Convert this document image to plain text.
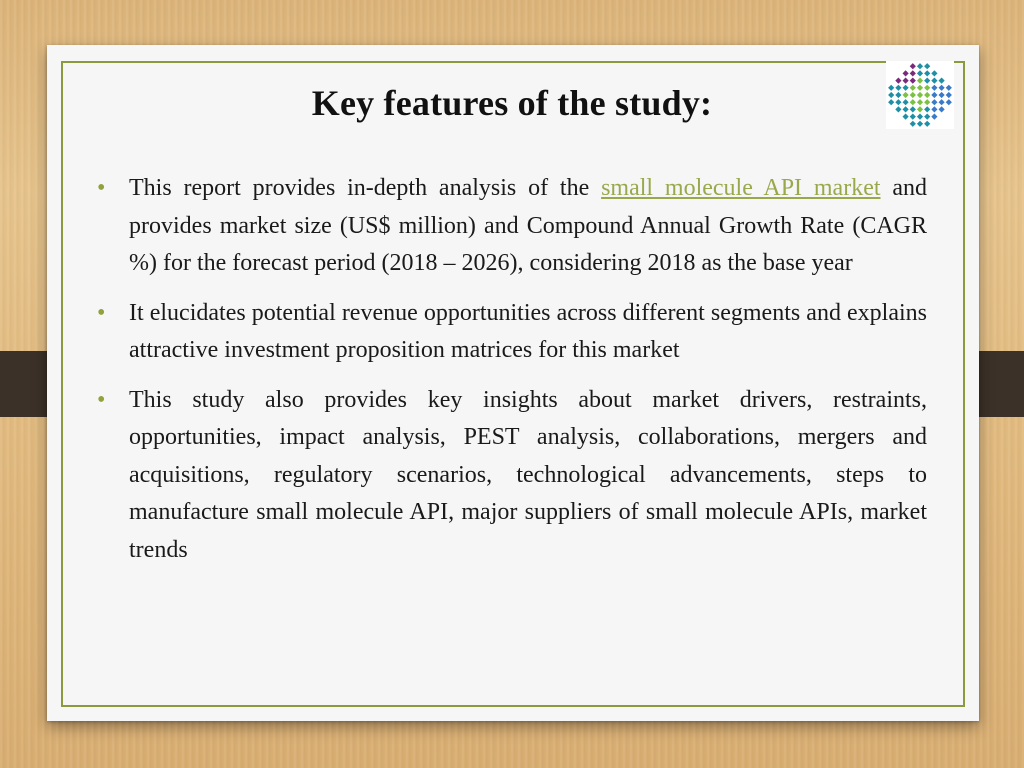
Key features of the study:
• This report provides in-depth analysis of the small molecule API market and provides market size (US$ million) and Compound Annual Growth Rate (CAGR %) for the forecast period (2018 – 2026), considering 2018 as the base year
• It elucidates potential revenue opportunities across different segments and explains attractive investment proposition matrices for this market
• This study also provides key insights about market drivers, restraints, opportunities, impact analysis, PEST analysis, collaborations, mergers and acquisitions, regulatory scenarios, technological advancements, steps to manufacture small molecule API, major suppliers of small molecule APIs, market trends
